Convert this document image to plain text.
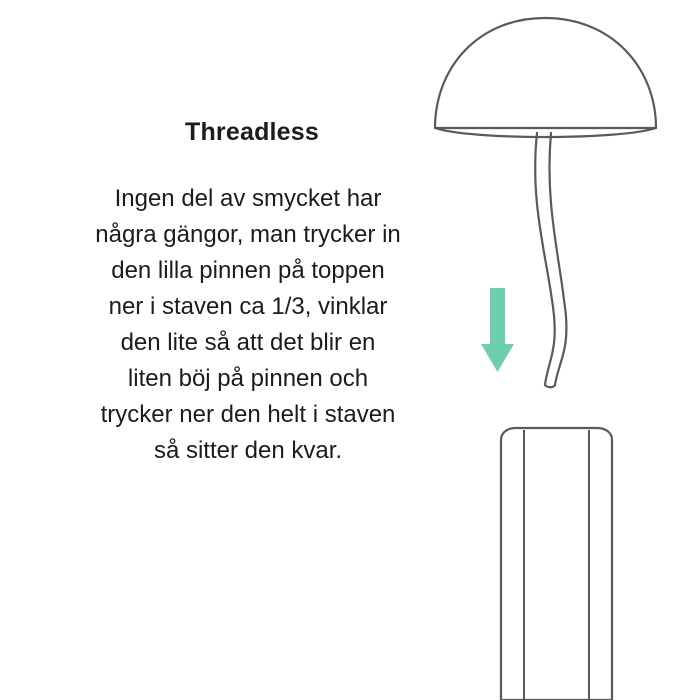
Threadless
Ingen del av smycket har
några gängor, man trycker in
den lilla pinnen på toppen
ner i staven ca 1/3, vinklar
den lite så att det blir en
liten böj på pinnen och
trycker ner den helt i staven
så sitter den kvar.
